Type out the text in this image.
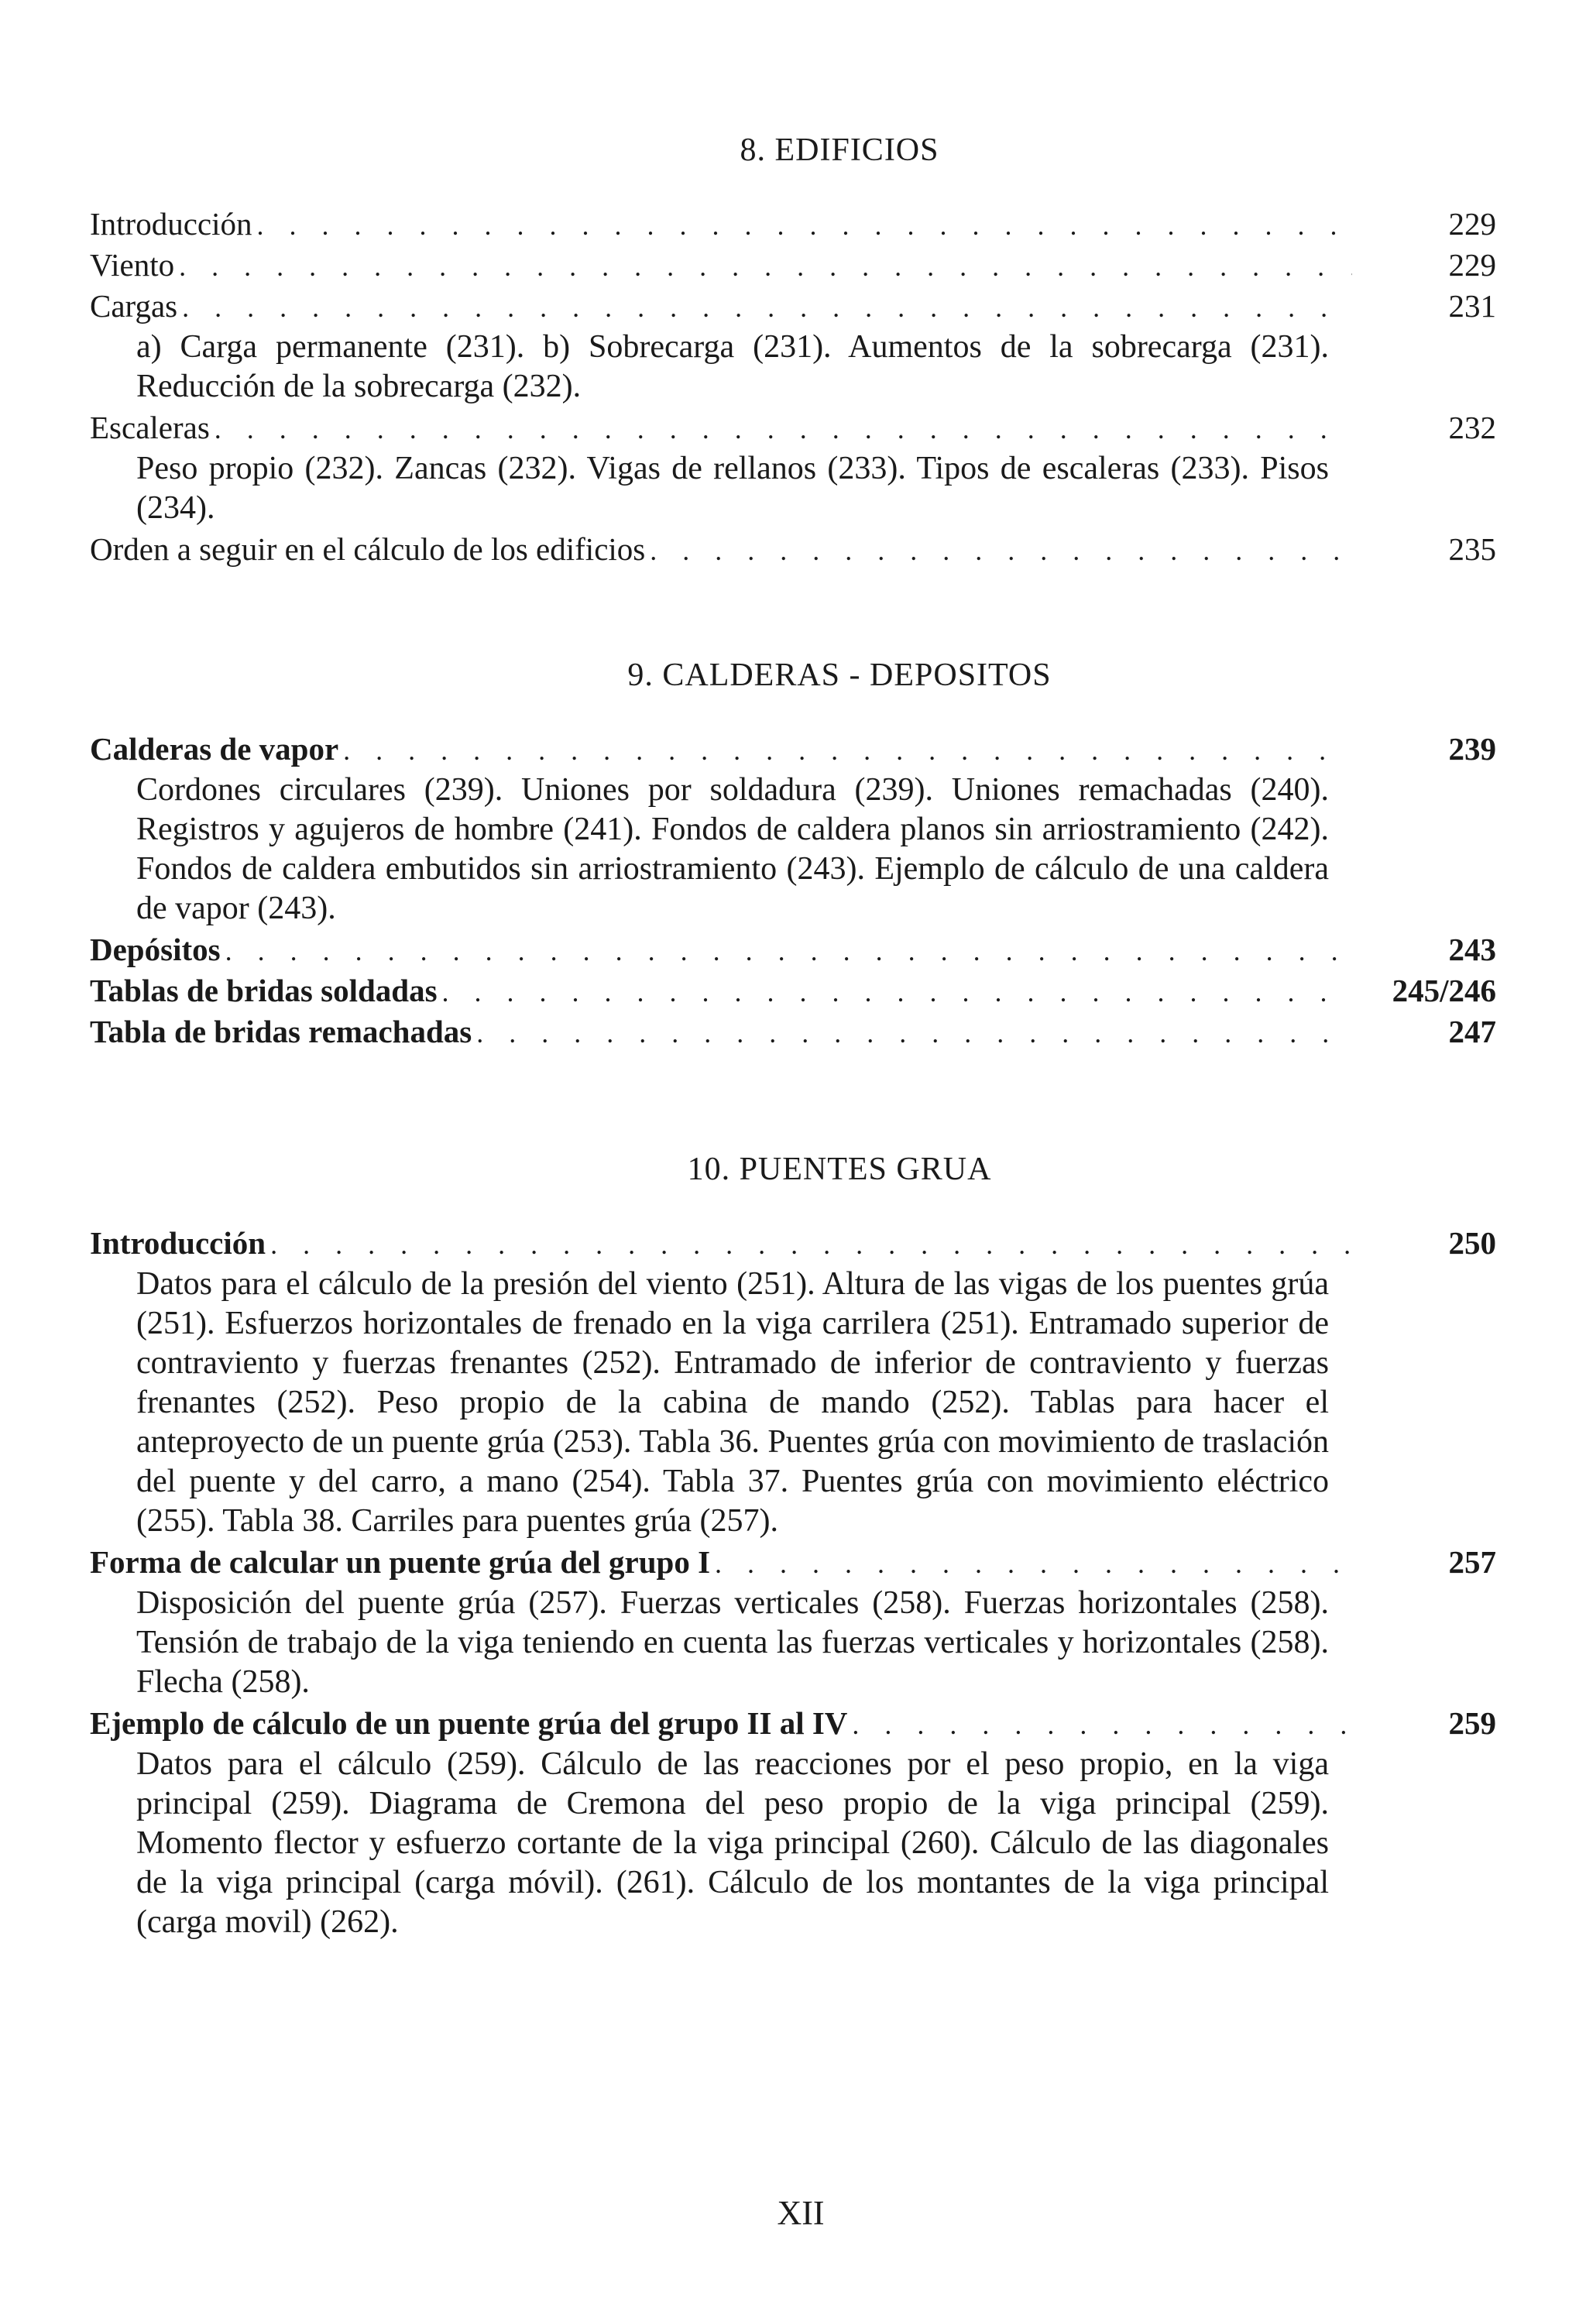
8. EDIFICIOS
Introducción . . .	229
Viento . . .	229
Cargas . . .	231
a) Carga permanente (231). b) Sobrecarga (231). Aumentos de la sobrecarga (231). Reducción de la sobrecarga (232).
Escaleras . . .	232
Peso propio (232). Zancas (232). Vigas de rellanos (233). Tipos de escaleras (233). Pisos (234).
Orden a seguir en el cálculo de los edificios . . .	235
9. CALDERAS - DEPOSITOS
Calderas de vapor . . .	239
Cordones circulares (239). Uniones por soldadura (239). Uniones remachadas (240). Registros y agujeros de hombre (241). Fondos de caldera planos sin arriostramiento (242). Fondos de caldera embutidos sin arriostramiento (243). Ejemplo de cálculo de una caldera de vapor (243).
Depósitos . . .	243
Tablas de bridas soldadas . . .	245/246
Tabla de bridas remachadas . . .	247
10. PUENTES GRUA
Introducción . . .	250
Datos para el cálculo de la presión del viento (251). Altura de las vigas de los puentes grúa (251). Esfuerzos horizontales de frenado en la viga carrilera (251). Entramado superior de contraviento y fuerzas frenantes (252). Entramado de inferior de contraviento y fuerzas frenantes (252). Peso propio de la cabina de mando (252). Tablas para hacer el anteproyecto de un puente grúa (253). Tabla 36. Puentes grúa con movimiento de traslación del puente y del carro, a mano (254). Tabla 37. Puentes grúa con movimiento eléctrico (255). Tabla 38. Carriles para puentes grúa (257).
Forma de calcular un puente grúa del grupo I . . .	257
Disposición del puente grúa (257). Fuerzas verticales (258). Fuerzas horizontales (258). Tensión de trabajo de la viga teniendo en cuenta las fuerzas verticales y horizontales (258). Flecha (258).
Ejemplo de cálculo de un puente grúa del grupo II al IV . . .	259
Datos para el cálculo (259). Cálculo de las reacciones por el peso propio, en la viga principal (259). Diagrama de Cremona del peso propio de la viga principal (259). Momento flector y esfuerzo cortante de la viga principal (260). Cálculo de las diagonales de la viga principal (carga móvil). (261). Cálculo de los montantes de la viga principal (carga movil) (262).
XII
